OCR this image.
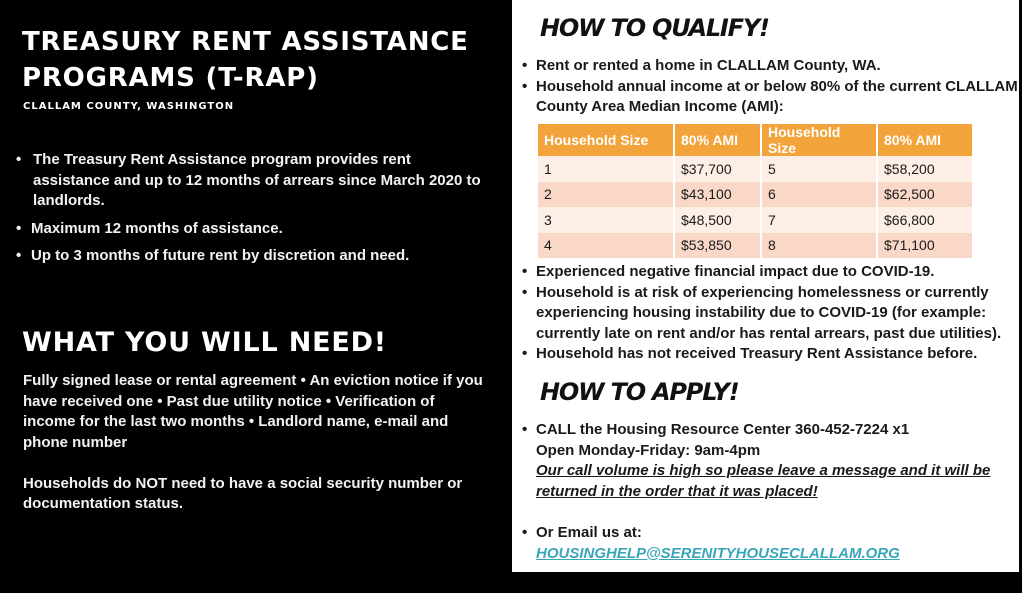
TREASURY RENT ASSISTANCE PROGRAMS (T-RAP)
CLALLAM COUNTY, WASHINGTON
• The Treasury Rent Assistance program provides rent assistance and up to 12 months of arrears since March 2020 to landlords.
• Maximum 12 months of assistance.
• Up to 3 months of future rent by discretion and need.
WHAT YOU WILL NEED!

Fully signed lease or rental agreement • An eviction notice if you have received one • Past due utility notice • Verification of income for the last two months • Landlord name, e-mail and phone number

Households do NOT need to have a social security number or documentation status.

HOW TO QUALIFY!
• Rent or rented a home in CLALLAM County, WA.
• Household annual income at or below 80% of the current CLALLAM County Area Median Income (AMI):
Household Size	80% AMI	Household Size	80% AMI
1	$37,700	5	$58,200
2	$43,100	6	$62,500
3	$48,500	7	$66,800
4	$53,850	8	$71,100
• Experienced negative financial impact due to COVID-19.
• Household is at risk of experiencing homelessness or currently experiencing housing instability due to COVID-19 (for example: currently late on rent and/or has rental arrears, past due utilities).
• Household has not received Treasury Rent Assistance before.
HOW TO APPLY!
• CALL the Housing Resource Center 360-452-7224 x1
Open Monday-Friday: 9am-4pm
Our call volume is high so please leave a message and it will be returned in the order that it was placed!
• Or Email us at:
HOUSINGHELP@SERENITYHOUSECLALLAM.ORG
